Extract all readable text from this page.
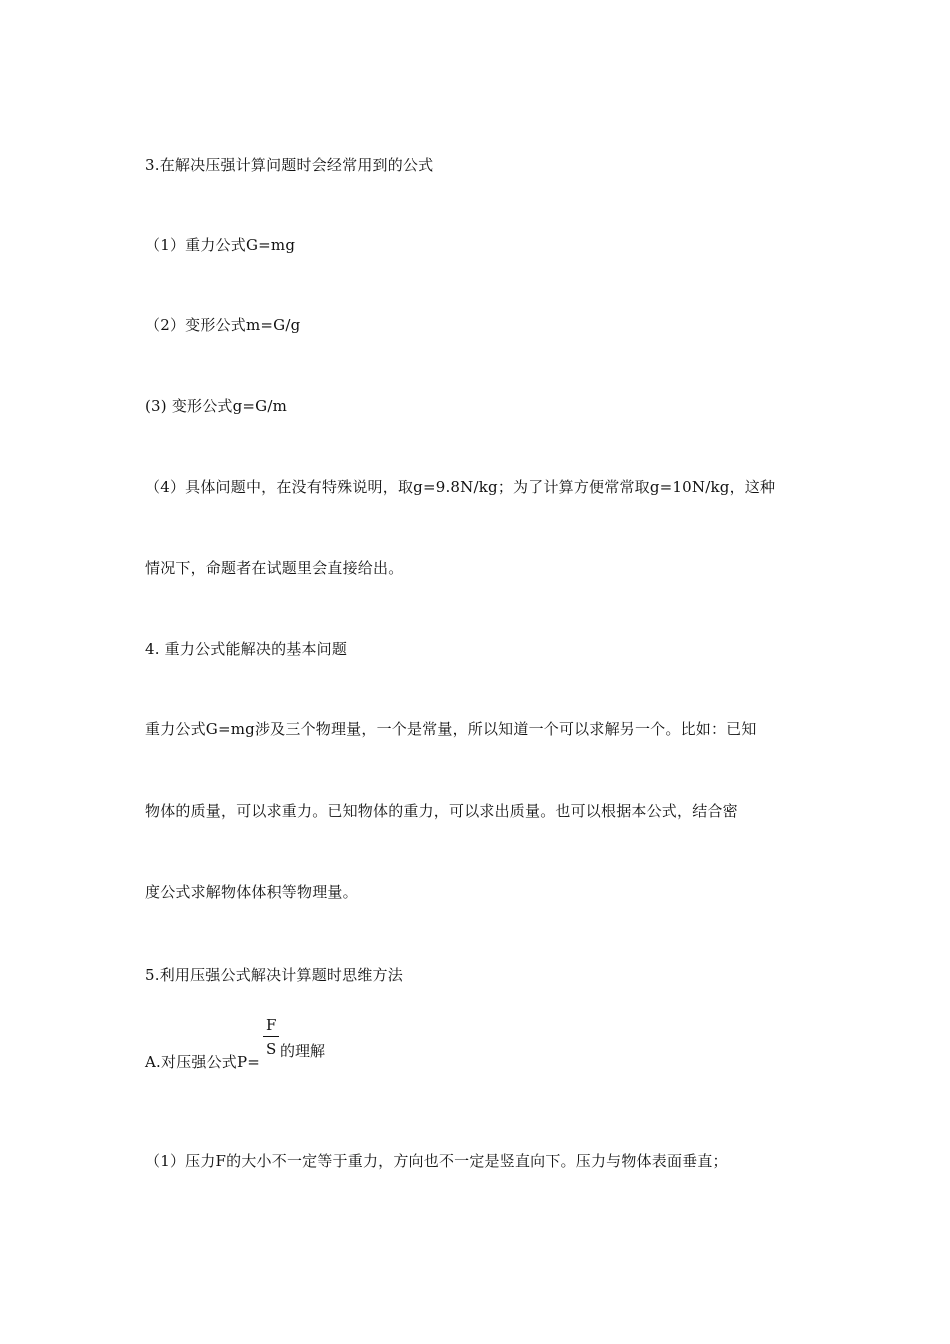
3.在解决压强计算问题时会经常用到的公式
（1）重力公式G=mg
（2）变形公式m=G/g
(3) 变形公式g=G/m
（4）具体问题中，在没有特殊说明，取g=9.8N/kg；为了计算方便常常取g=10N/kg，这种
情况下，命题者在试题里会直接给出。
4. 重力公式能解决的基本问题
重力公式G=mg涉及三个物理量，一个是常量，所以知道一个可以求解另一个。比如：已知
物体的质量，可以求重力。已知物体的重力，可以求出质量。也可以根据本公式，结合密
度公式求解物体体积等物理量。
5.利用压强公式解决计算题时思维方法
F
S 的理解
A.对压强公式P=
（1）压力F的大小不一定等于重力，方向也不一定是竖直向下。压力与物体表面垂直；
